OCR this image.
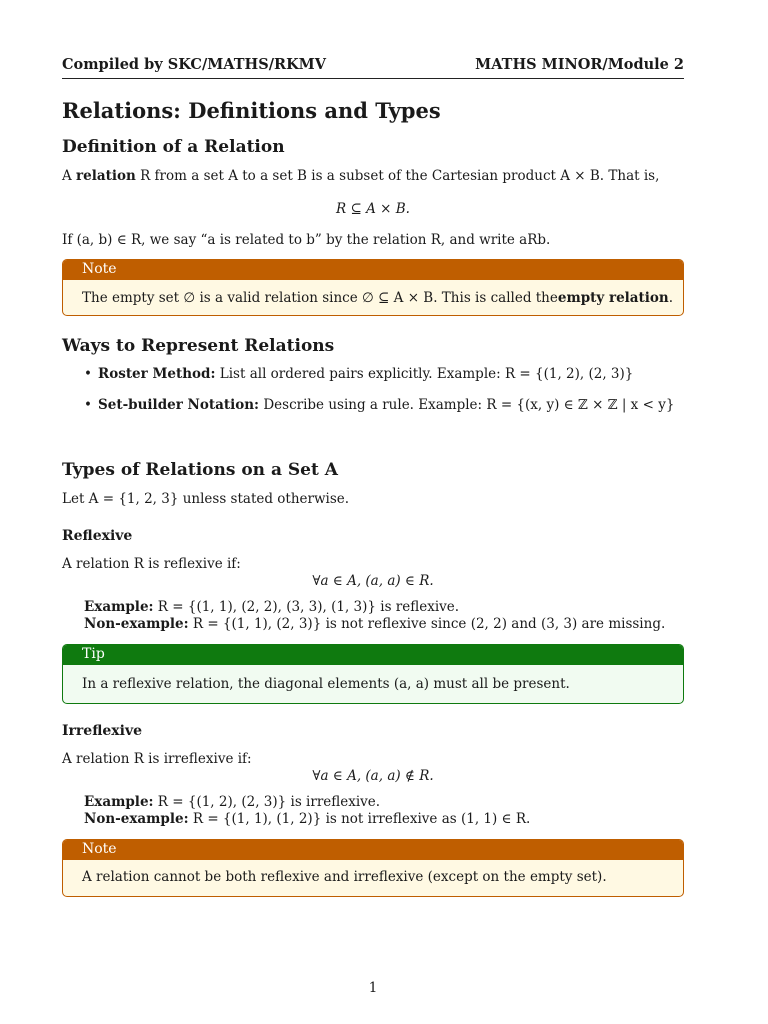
Compiled by SKC/MATHS/RKMV	MATHS MINOR/Module 2
Relations: Definitions and Types
Definition of a Relation
A relation R from a set A to a set B is a subset of the Cartesian product A × B. That is,
R ⊆ A × B.
If (a, b) ∈ R, we say “a is related to b” by the relation R, and write aRb.
Note
The empty set ∅ is a valid relation since ∅ ⊆ A × B. This is called the empty relation .
Ways to Represent Relations
• Roster Method: List all ordered pairs explicitly. Example: R = {(1, 2), (2, 3)}
• Set-builder Notation: Describe using a rule. Example: R = {(x, y) ∈ ℤ × ℤ | x < y}
Types of Relations on a Set A
Let A = {1, 2, 3} unless stated otherwise.
Reflexive
A relation R is reflexive if:
∀a ∈ A, (a, a) ∈ R.
Example: R = {(1, 1), (2, 2), (3, 3), (1, 3)} is reflexive.
Non-example: R = {(1, 1), (2, 3)} is not reflexive since (2, 2) and (3, 3) are missing.
Tip
In a reflexive relation, the diagonal elements (a, a) must all be present.
Irreflexive
A relation R is irreflexive if:
∀a ∈ A, (a, a) ∉ R.
Example: R = {(1, 2), (2, 3)} is irreflexive.
Non-example: R = {(1, 1), (1, 2)} is not irreflexive as (1, 1) ∈ R.
Note
A relation cannot be both reflexive and irreflexive (except on the empty set).
1
